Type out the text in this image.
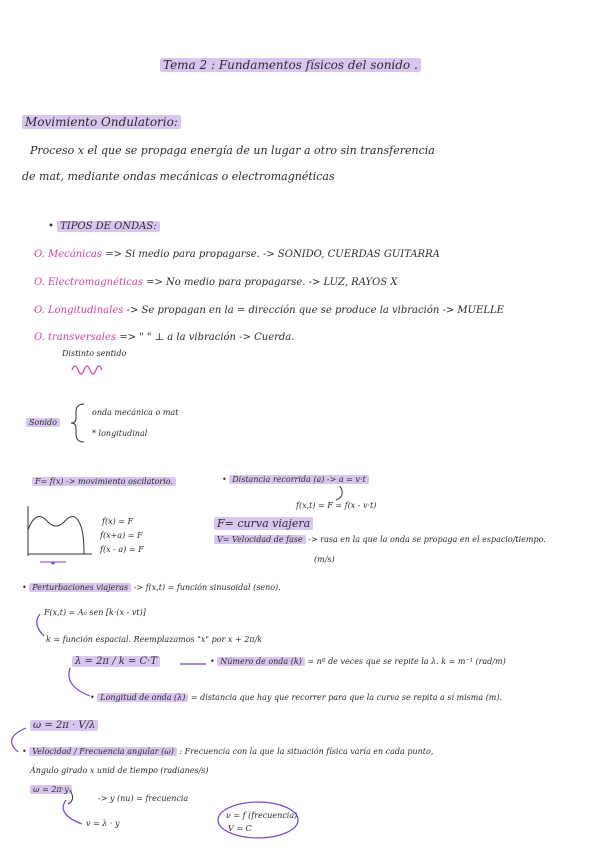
Tema 2 : Fundamentos físicos del sonido .
Movimiento Ondulatorio:
Proceso x el que se propaga energía de un lugar a otro sin transferencia
de mat, mediante ondas mecánicas o electromagnéticas
• TIPOS DE ONDAS:
O. Mecánicas => Si medio para propagarse. -> SONIDO, CUERDAS GUITARRA
O. Electromagnéticas => No medio para propagarse. -> LUZ, RAYOS X
O. Longitudinales -> Se propagan en la = dirección que se produce la vibración -> MUELLE
O. transversales => " " ⊥ a la vibración -> Cuerda.
Distinto sentido
Sonido
onda mecánica o mat
* longitudinal
F= f(x) -> movimiento oscilatorio.
f(x) = F
f(x+a) = F
f(x - a) = F
• Distancia recorrida (a) -> a = v·t
f(x,t) = F = f(x - v·t)
F= curva viajera
V= Velocidad de fase -> rasa en la que la onda se propaga en el espacio/tiempo.
(m/s)
• Perturbaciones viajeras -> f(x,t) = función sinusoidal (seno).
F(x,t) = A₀ sen [k·(x - vt)]
k = función espacial. Reemplazamos "x" por x + 2π/k
λ = 2π / k = C·T	• Número de onda (k) = nº de veces que se repite la λ. k = m⁻¹ (rad/m)
• Longitud de onda (λ) = distancia que hay que recorrer para que la curva se repita a sí misma (m).
ω = 2π · V/λ
• Velocidad / Frecuencia angular (ω) : Frecuencia con la que la situación física varía en cada punto,
Ángulo girado x unid de tiempo (radianes/s)
ω = 2π·y
-> y (nu) = frecuencia
v = λ · y
ν = f (frecuencia)
V = C
